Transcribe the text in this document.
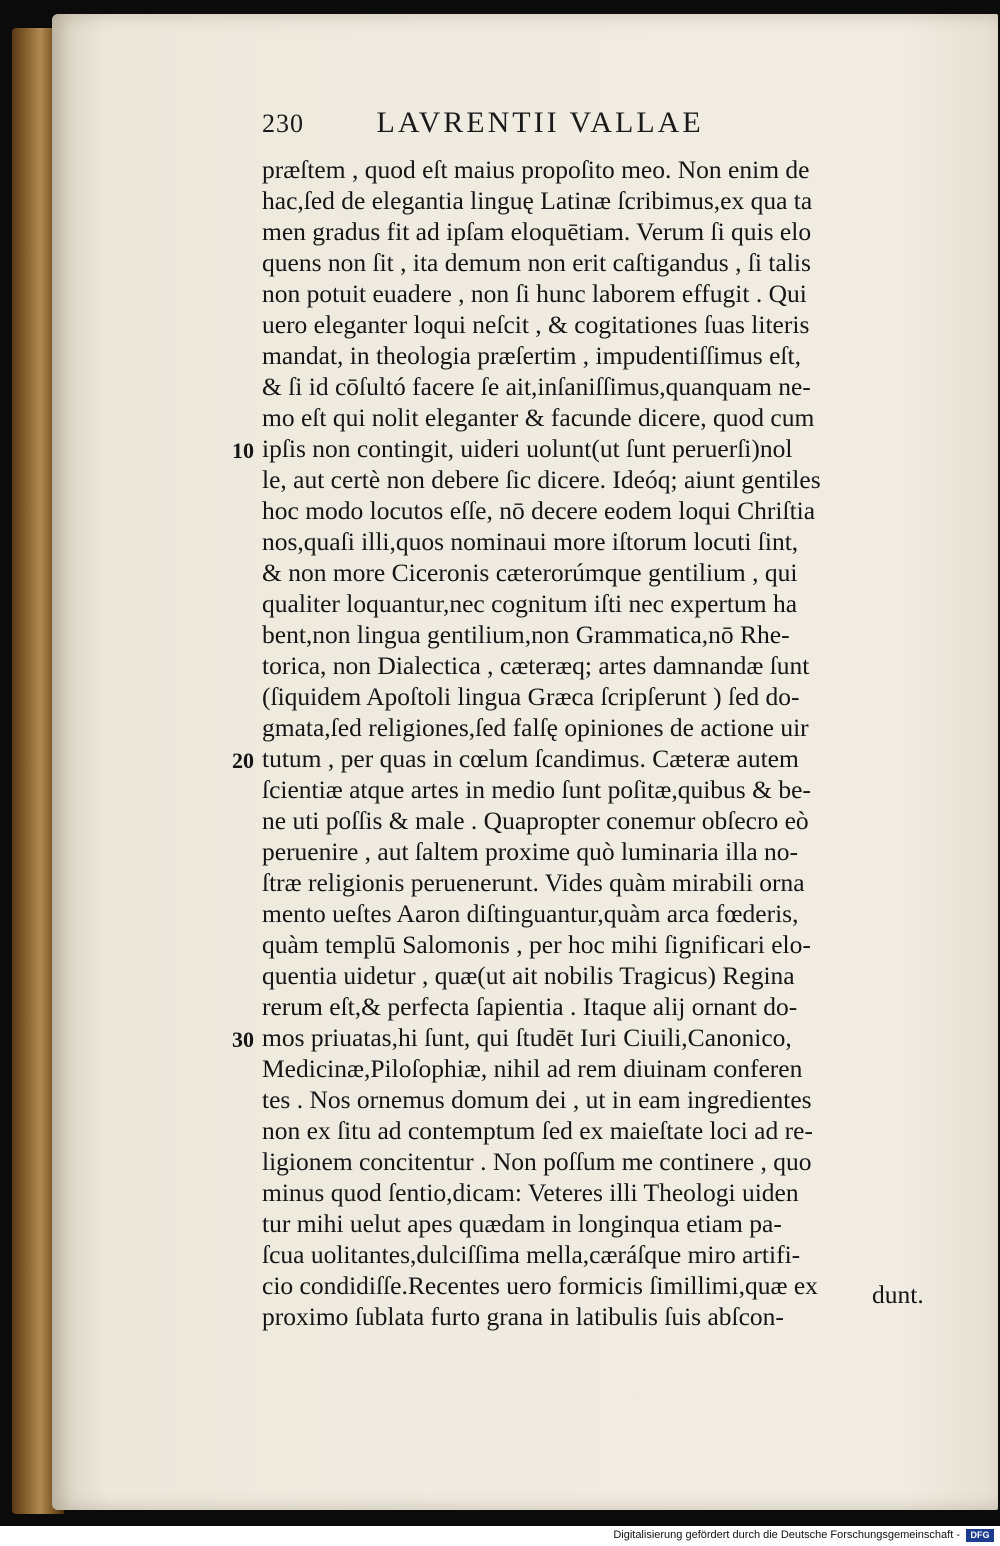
230 LAVRENTII VALLAE
præſtem , quod eſt maius propoſito meo. Non enim de
hac,ſed de elegantia linguę Latinæ ſcribimus,ex qua ta
men gradus fit ad ipſam eloquētiam. Verum ſi quis elo
quens non ſit , ita demum non erit caſtigandus , ſi talis
non potuit euadere , non ſi hunc laborem effugit . Qui
uero eleganter loqui neſcit , & cogitationes ſuas literis
mandat, in theologia præſertim , impudentiſſimus eſt,
& ſi id cōſultó facere ſe ait,inſaniſſimus,quanquam ne-
mo eſt qui nolit eleganter & facunde dicere, quod cum
ipſis non contingit, uideri uolunt(ut ſunt peruerſi)nol
le, aut certè non debere ſic dicere. Ideóq; aiunt gentiles
hoc modo locutos eſſe, nō decere eodem loqui Chriſtia
nos,quaſi illi,quos nominaui more iſtorum locuti ſint,
& non more Ciceronis cæterorúmque gentilium , qui
qualiter loquantur,nec cognitum iſti nec expertum ha
bent,non lingua gentilium,non Grammatica,nō Rhe-
torica, non Dialectica , cæteræq; artes damnandæ ſunt
(ſiquidem Apoſtoli lingua Græca ſcripſerunt ) ſed do-
gmata,ſed religiones,ſed falſę opiniones de actione uir
tutum , per quas in cœlum ſcandimus. Cæteræ autem
ſcientiæ atque artes in medio ſunt poſitæ,quibus & be-
ne uti poſſis & male . Quapropter conemur obſecro eò
peruenire , aut ſaltem proxime quò luminaria illa no-
ſtræ religionis peruenerunt. Vides quàm mirabili orna
mento ueſtes Aaron diſtinguantur,quàm arca fœderis,
quàm templū Salomonis , per hoc mihi ſignificari elo-
quentia uidetur , quæ(ut ait nobilis Tragicus) Regina
rerum eſt,& perfecta ſapientia . Itaque alij ornant do-
mos priuatas,hi ſunt, qui ſtudēt Iuri Ciuili,Canonico,
Medicinæ,Piloſophiæ, nihil ad rem diuinam conferen
tes . Nos ornemus domum dei , ut in eam ingredientes
non ex ſitu ad contemptum ſed ex maieſtate loci ad re-
ligionem concitentur . Non poſſum me continere , quo
minus quod ſentio,dicam: Veteres illi Theologi uiden
tur mihi uelut apes quædam in longinqua etiam pa-
ſcua uolitantes,dulciſſima mella,cæráſque miro artifi-
cio condidiſſe.Recentes uero formicis ſimillimi,quæ ex
proximo ſublata furto grana in latibulis ſuis abſcon-
10
20
30
dunt.
Digitalisierung gefördert durch die Deutsche Forschungsgemeinschaft -	DFG
